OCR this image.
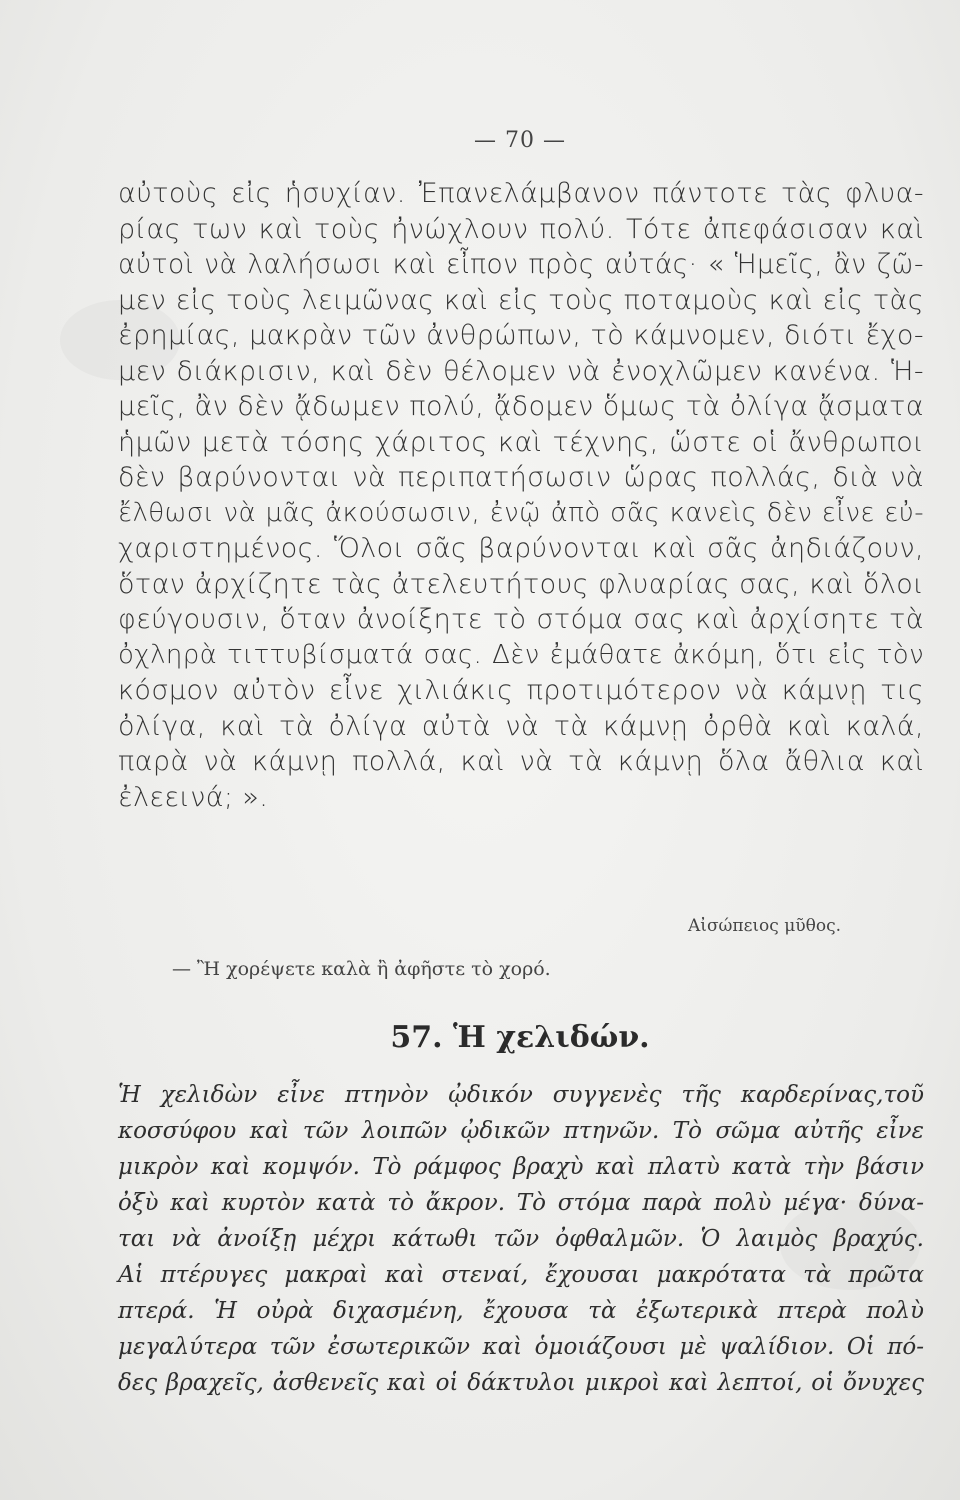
— 70 —
αὐτοὺς εἰς ἡσυχίαν. Ἐπανελάμβανον πάντοτε τὰς φλυα-
ρίας των καὶ τοὺς ἠνώχλουν πολύ. Τότε ἀπεφάσισαν καὶ
αὐτοὶ νὰ λαλήσωσι καὶ εἶπον πρὸς αὐτάς· « Ἡμεῖς, ἂν ζῶ-
μεν εἰς τοὺς λειμῶνας καὶ εἰς τοὺς ποταμοὺς καὶ εἰς τὰς
ἐρημίας, μακρὰν τῶν ἀνθρώπων, τὸ κάμνομεν, διότι ἔχο-
μεν διάκρισιν, καὶ δὲν θέλομεν νὰ ἐνοχλῶμεν κανένα. Ἡ-
μεῖς, ἂν δὲν ᾄδωμεν πολύ, ᾄδομεν ὅμως τὰ ὀλίγα ᾄσματα
ἡμῶν μετὰ τόσης χάριτος καὶ τέχνης, ὥστε οἱ ἄνθρωποι
δὲν βαρύνονται νὰ περιπατήσωσιν ὥρας πολλάς, διὰ νὰ
ἔλθωσι νὰ μᾶς ἀκούσωσιν, ἐνῷ ἀπὸ σᾶς κανεὶς δὲν εἶνε εὐ-
χαριστημένος. Ὅλοι σᾶς βαρύνονται καὶ σᾶς ἀηδιάζουν,
ὅταν ἀρχίζητε τὰς ἀτελευτήτους φλυαρίας σας, καὶ ὅλοι
φεύγουσιν, ὅταν ἀνοίξητε τὸ στόμα σας καὶ ἀρχίσητε τὰ
ὀχληρὰ τιττυβίσματά σας. Δὲν ἐμάθατε ἀκόμη, ὅτι εἰς τὸν
κόσμον αὐτὸν εἶνε χιλιάκις προτιμότερον νὰ κάμνῃ τις
ὀλίγα, καὶ τὰ ὀλίγα αὐτὰ νὰ τὰ κάμνῃ ὀρθὰ καὶ καλά,
παρὰ νὰ κάμνῃ πολλά, καὶ νὰ τὰ κάμνῃ ὅλα ἄθλια καὶ
ἐλεεινά; ».
Αἰσώπειος μῦθος.
— Ἢ χορέψετε καλὰ ἢ ἀφῆστε τὸ χορό.
57. Ἡ χελιδών.
Ἡ χελιδὼν εἶνε πτηνὸν ᾠδικόν συγγενὲς τῆς καρδερίνας,τοῦ
κοσσύφου καὶ τῶν λοιπῶν ᾠδικῶν πτηνῶν. Τὸ σῶμα αὐτῆς εἶνε
μικρὸν καὶ κομψόν. Τὸ ράμφος βραχὺ καὶ πλατὺ κατὰ τὴν βάσιν
ὀξὺ καὶ κυρτὸν κατὰ τὸ ἄκρον. Τὸ στόμα παρὰ πολὺ μέγα· δύνα-
ται νὰ ἀνοίξῃ μέχρι κάτωθι τῶν ὀφθαλμῶν. Ὁ λαιμὸς βραχύς.
Αἱ πτέρυγες μακραὶ καὶ στεναί, ἔχουσαι μακρότατα τὰ πρῶτα
πτερά. Ἡ οὐρὰ διχασμένη, ἔχουσα τὰ ἐξωτερικὰ πτερὰ πολὺ
μεγαλύτερα τῶν ἐσωτερικῶν καὶ ὁμοιάζουσι μὲ ψαλίδιον. Οἱ πό-
δες βραχεῖς, ἀσθενεῖς καὶ οἱ δάκτυλοι μικροὶ καὶ λεπτοί, οἱ ὄνυχες
